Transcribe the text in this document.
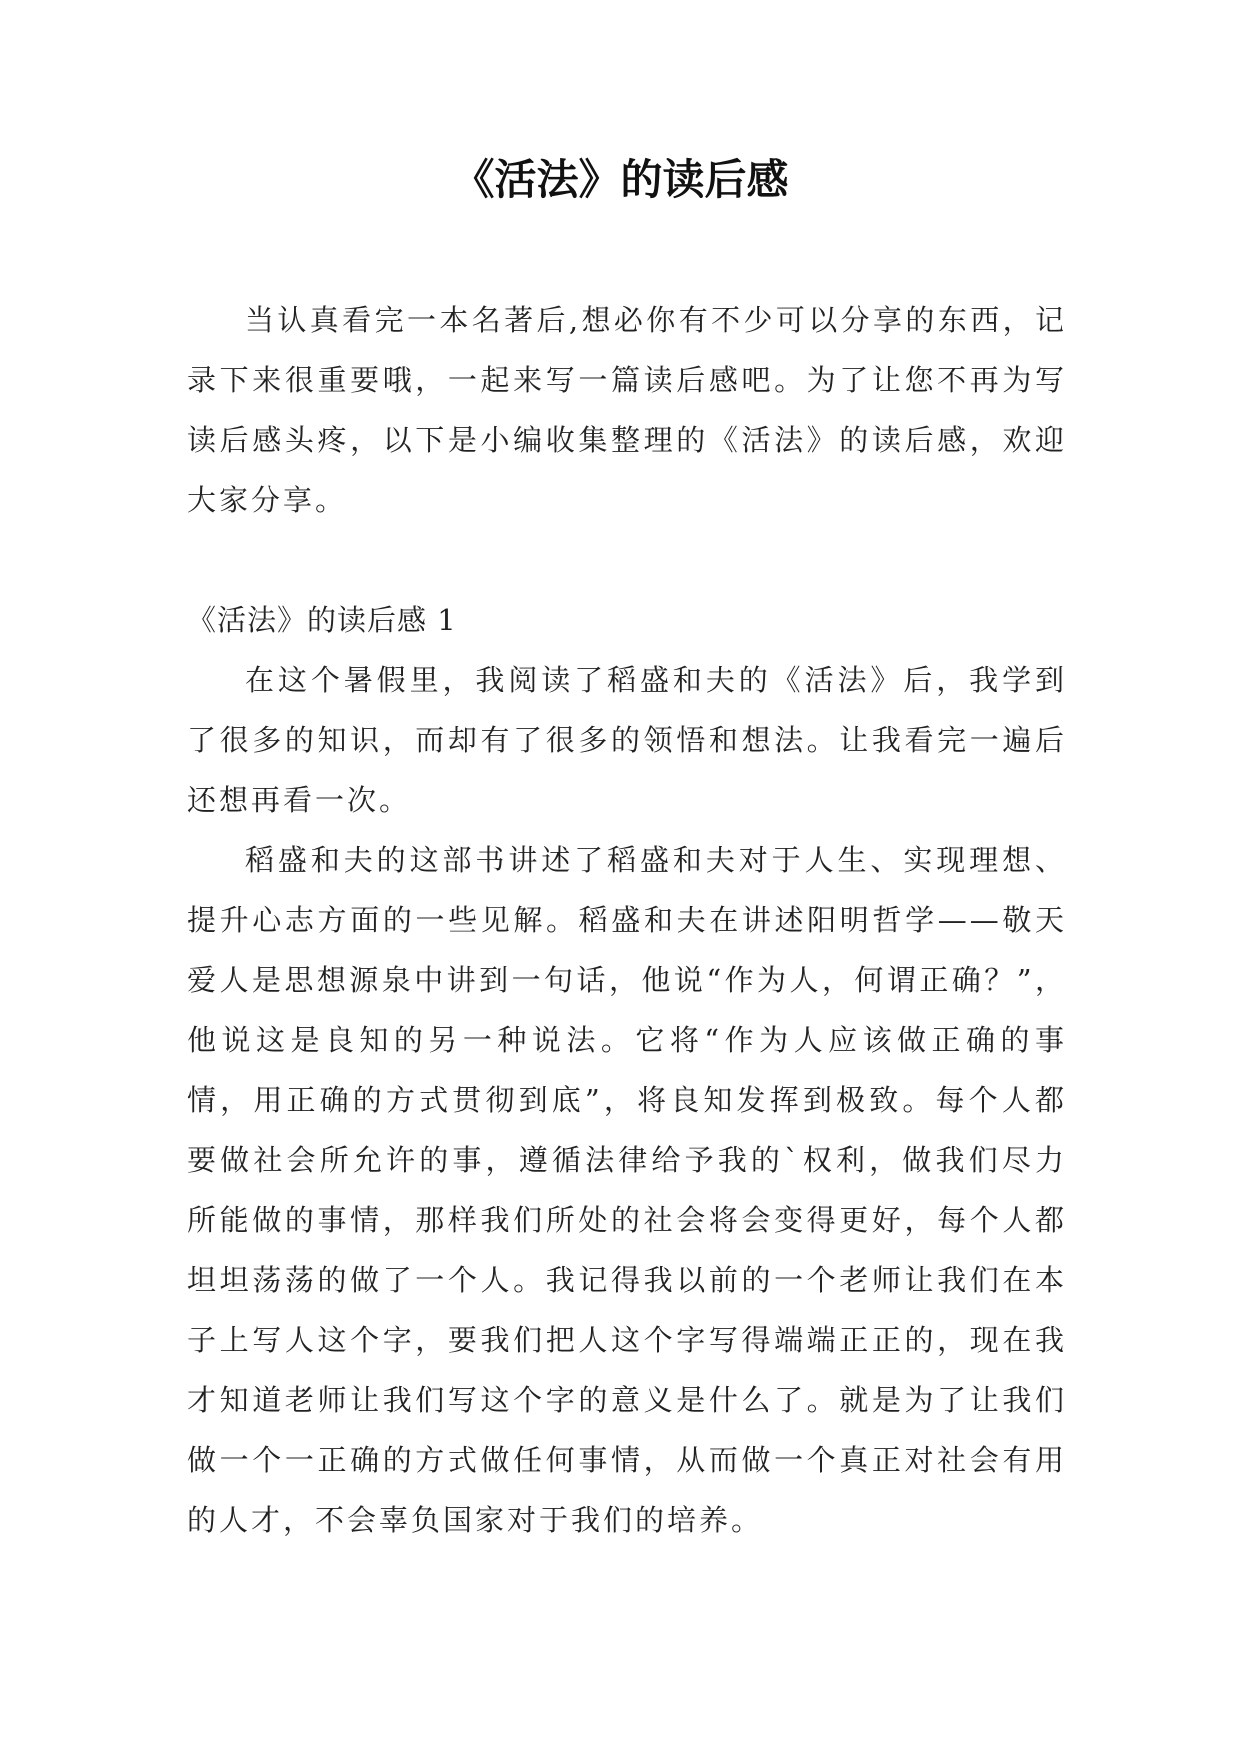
《活法》的读后感

当认真看完一本名著后,想必你有不少可以分享的东西，记录下来很重要哦，一起来写一篇读后感吧。为了让您不再为写读后感头疼，以下是小编收集整理的《活法》的读后感，欢迎大家分享。

《活法》的读后感 1

在这个暑假里，我阅读了稻盛和夫的《活法》后，我学到了很多的知识，而却有了很多的领悟和想法。让我看完一遍后还想再看一次。

稻盛和夫的这部书讲述了稻盛和夫对于人生、实现理想、提升心志方面的一些见解。稻盛和夫在讲述阳明哲学——敬天爱人是思想源泉中讲到一句话，他说“作为人，何谓正确？”，他说这是良知的另一种说法。它将“作为人应该做正确的事情，用正确的方式贯彻到底”，将良知发挥到极致。每个人都要做社会所允许的事，遵循法律给予我的`权利，做我们尽力所能做的事情，那样我们所处的社会将会变得更好，每个人都坦坦荡荡的做了一个人。我记得我以前的一个老师让我们在本子上写人这个字，要我们把人这个字写得端端正正的，现在我才知道老师让我们写这个字的意义是什么了。就是为了让我们做一个一正确的方式做任何事情，从而做一个真正对社会有用的人才，不会辜负国家对于我们的培养。
